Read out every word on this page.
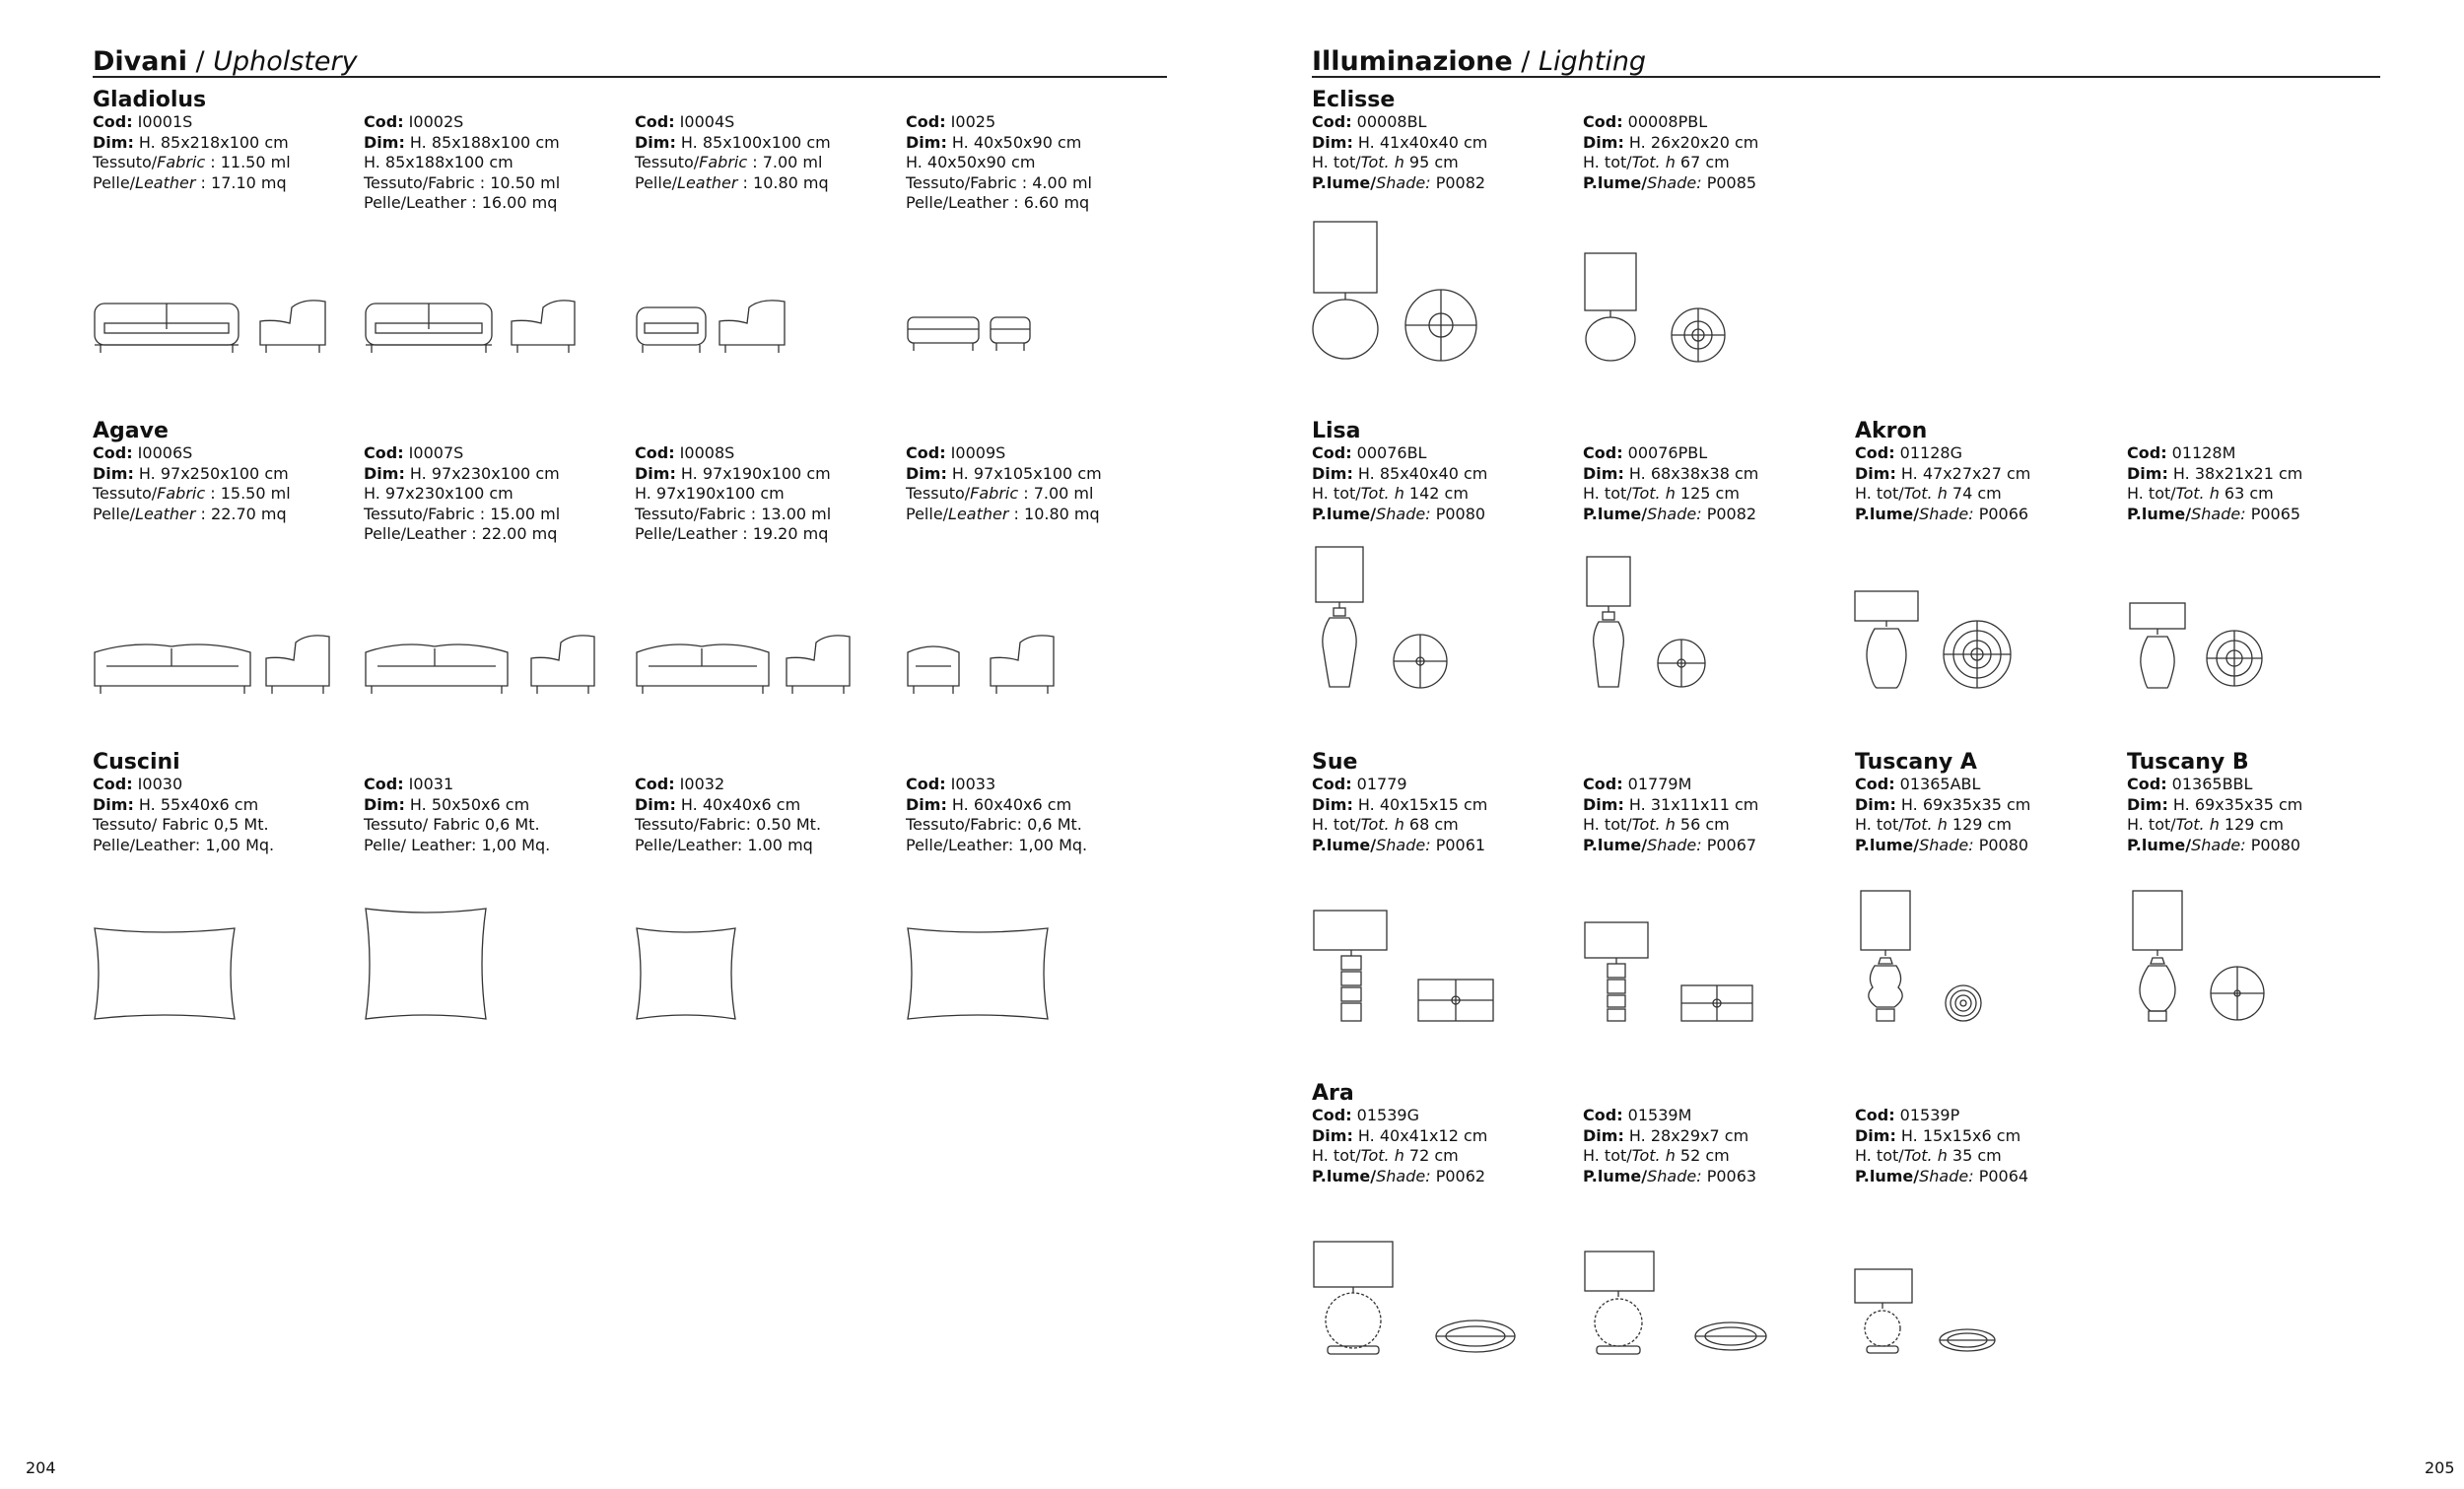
Divani / Upholstery
Gladiolus
Cod: I0001S
Dim: H. 85x218x100 cm
Tessuto/Fabric : 11.50 ml
Pelle/Leather : 17.10 mq
Cod: I0002S
Dim: H. 85x188x100 cm
H. 85x188x100 cm
Tessuto/Fabric : 10.50 ml
Pelle/Leather : 16.00 mq
Cod: I0004S
Dim: H. 85x100x100 cm
Tessuto/Fabric : 7.00 ml
Pelle/Leather : 10.80 mq
Cod: I0025
Dim: H. 40x50x90 cm
H. 40x50x90 cm
Tessuto/Fabric : 4.00 ml
Pelle/Leather : 6.60 mq
Agave
Cod: I0006S
Dim: H. 97x250x100 cm
Tessuto/Fabric : 15.50 ml
Pelle/Leather : 22.70 mq
Cod: I0007S
Dim: H. 97x230x100 cm
H. 97x230x100 cm
Tessuto/Fabric : 15.00 ml
Pelle/Leather : 22.00 mq
Cod: I0008S
Dim: H. 97x190x100 cm
H. 97x190x100 cm
Tessuto/Fabric : 13.00 ml
Pelle/Leather : 19.20 mq
Cod: I0009S
Dim: H. 97x105x100 cm
Tessuto/Fabric : 7.00 ml
Pelle/Leather : 10.80 mq
Cuscini
Cod: I0030
Dim: H. 55x40x6 cm
Tessuto/ Fabric 0,5 Mt.
Pelle/Leather: 1,00 Mq.
Cod: I0031
Dim: H. 50x50x6 cm
Tessuto/ Fabric 0,6 Mt.
Pelle/ Leather: 1,00 Mq.
Cod: I0032
Dim: H. 40x40x6 cm
Tessuto/Fabric: 0.50 Mt.
Pelle/Leather: 1.00 mq
Cod: I0033
Dim: H. 60x40x6 cm
Tessuto/Fabric: 0,6 Mt.
Pelle/Leather: 1,00 Mq.
204
Illuminazione / Lighting
Eclisse
Cod: 00008BL
Dim: H. 41x40x40 cm
H. tot/Tot. h 95 cm
P.lume/Shade: P0082
Cod: 00008PBL
Dim: H. 26x20x20 cm
H. tot/Tot. h 67 cm
P.lume/Shade: P0085
Lisa	Akron
Cod: 00076BL
Dim: H. 85x40x40 cm
H. tot/Tot. h 142 cm
P.lume/Shade: P0080
Cod: 00076PBL
Dim: H. 68x38x38 cm
H. tot/Tot. h 125 cm
P.lume/Shade: P0082
Cod: 01128G
Dim: H. 47x27x27 cm
H. tot/Tot. h 74 cm
P.lume/Shade: P0066
Cod: 01128M
Dim: H. 38x21x21 cm
H. tot/Tot. h 63 cm
P.lume/Shade: P0065
Sue	Tuscany A	Tuscany B
Cod: 01779
Dim: H. 40x15x15 cm
H. tot/Tot. h 68 cm
P.lume/Shade: P0061
Cod: 01779M
Dim: H. 31x11x11 cm
H. tot/Tot. h 56 cm
P.lume/Shade: P0067
Cod: 01365ABL
Dim: H. 69x35x35 cm
H. tot/Tot. h 129 cm
P.lume/Shade: P0080
Cod: 01365BBL
Dim: H. 69x35x35 cm
H. tot/Tot. h 129 cm
P.lume/Shade: P0080
Ara
Cod: 01539G
Dim: H. 40x41x12 cm
H. tot/Tot. h 72 cm
P.lume/Shade: P0062
Cod: 01539M
Dim: H. 28x29x7 cm
H. tot/Tot. h 52 cm
P.lume/Shade: P0063
Cod: 01539P
Dim: H. 15x15x6 cm
H. tot/Tot. h 35 cm
P.lume/Shade: P0064
205
